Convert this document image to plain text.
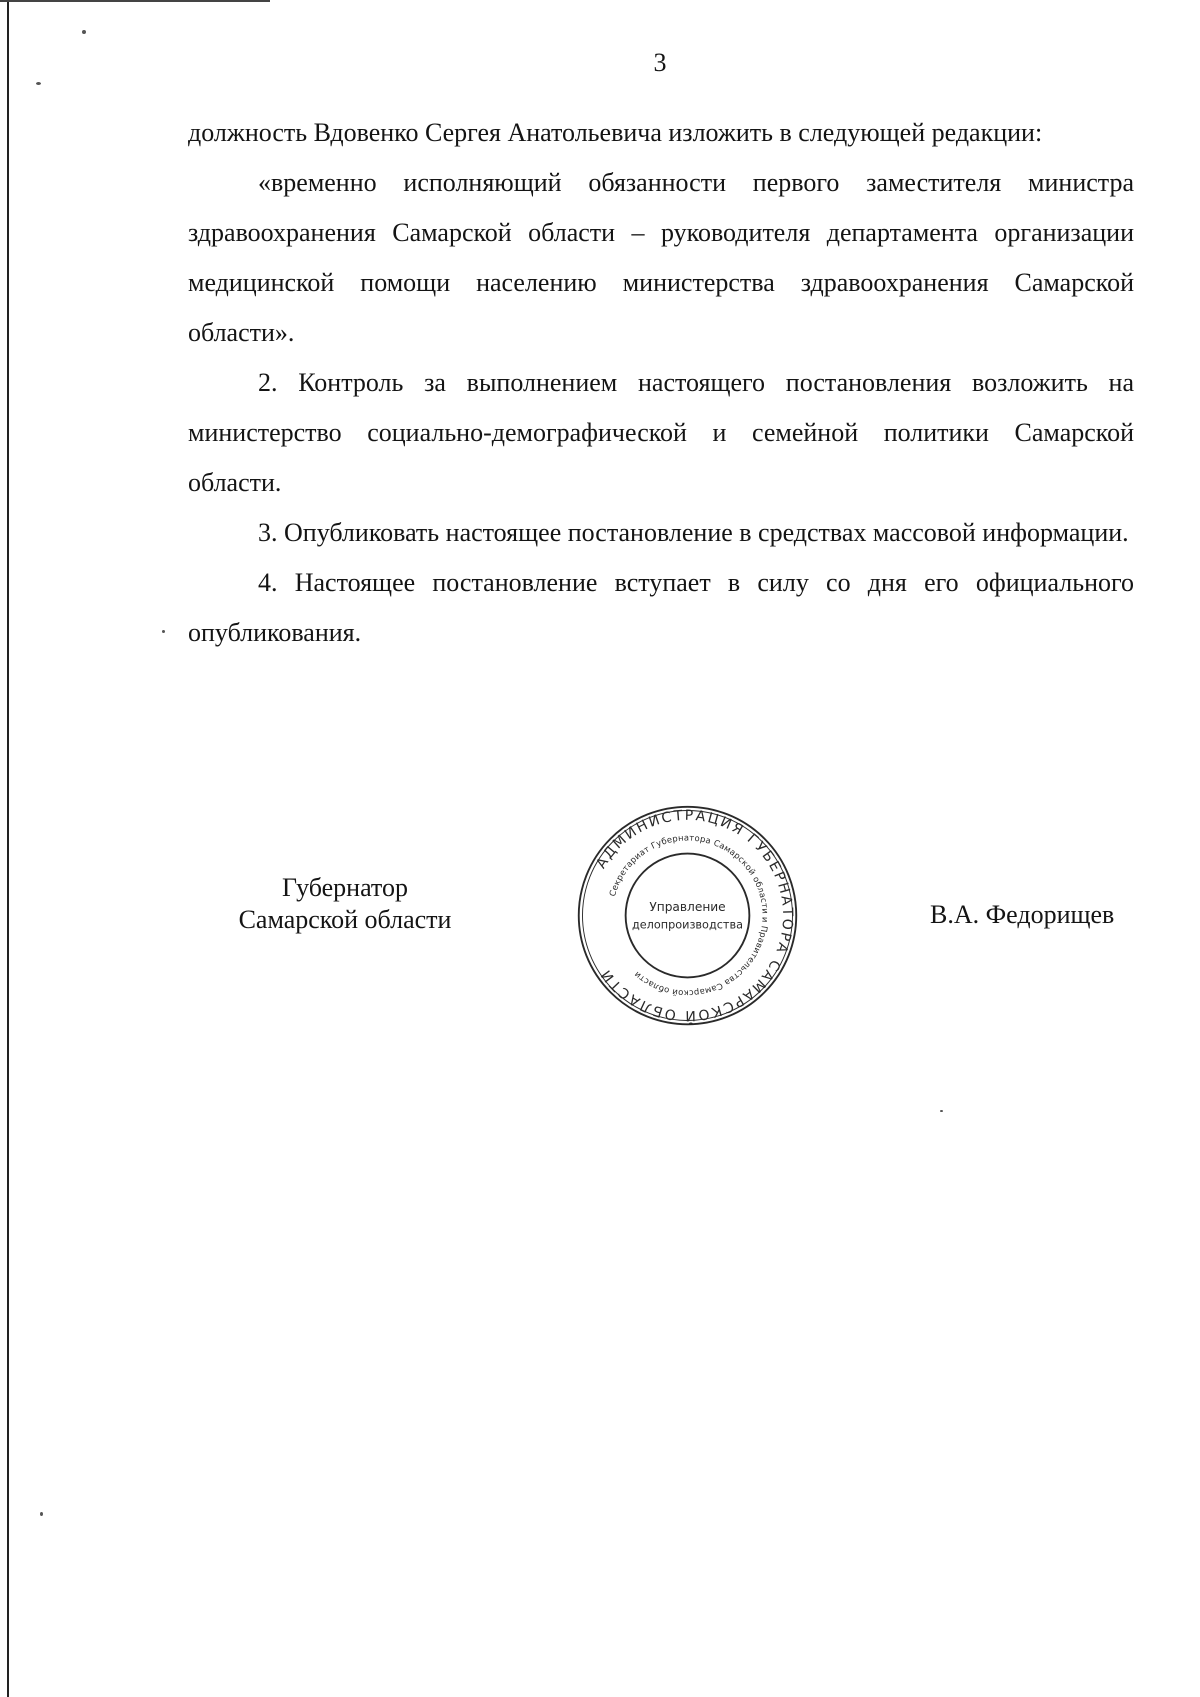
3

должность Вдовенко Сергея Анатольевича изложить в следующей редакции:

«временно исполняющий обязанности первого заместителя министра здравоохранения Самарской области – руководителя департамента организации медицинской помощи населению министерства здравоохранения Самарской области».

2. Контроль за выполнением настоящего постановления возложить на министерство социально-демографической и семейной политики Самарской области.

3. Опубликовать настоящее постановление в средствах массовой информации.

4. Настоящее постановление вступает в силу со дня его официального опубликования.

Губернатор
Самарской области
АДМИНИСТРАЦИЯ ГУБЕРНАТОРА САМАРСКОЙ ОБЛАСТИ
Секретариат Губернатора Самарской области и Правительства Самарской области
Управление
делопроизводства	В.А. Федорищев
